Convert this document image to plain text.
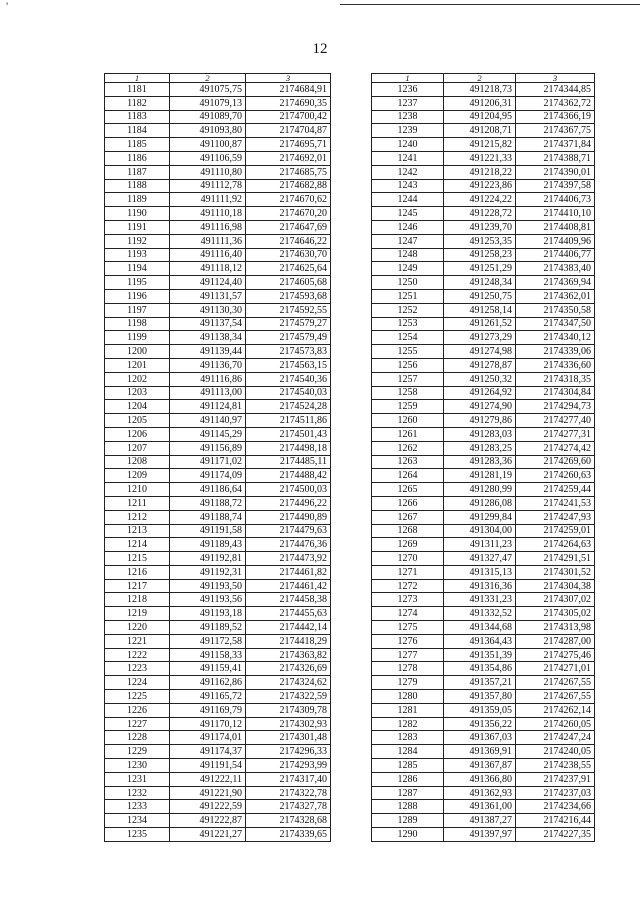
'
12
1	2	3
1181	491075,75	2174684,91
1182	491079,13	2174690,35
1183	491089,70	2174700,42
1184	491093,80	2174704,87
1185	491100,87	2174695,71
1186	491106,59	2174692,01
1187	491110,80	2174685,75
1188	491112,78	2174682,88
1189	491111,92	2174670,62
1190	491110,18	2174670,20
1191	491116,98	2174647,69
1192	491111,36	2174646,22
1193	491116,40	2174630,70
1194	491118,12	2174625,64
1195	491124,40	2174605,68
1196	491131,57	2174593,68
1197	491130,30	2174592,55
1198	491137,54	2174579,27
1199	491138,34	2174579,49
1200	491139,44	2174573,83
1201	491136,70	2174563,15
1202	491116,86	2174540,36
1203	491113,00	2174540,03
1204	491124,81	2174524,28
1205	491140,97	2174511,86
1206	491145,29	2174501,43
1207	491156,89	2174498,18
1208	491171,02	2174485,11
1209	491174,09	2174488,42
1210	491186,64	2174500,03
1211	491188,72	2174496,22
1212	491188,74	2174490,89
1213	491191,58	2174479,63
1214	491189,43	2174476,36
1215	491192,81	2174473,92
1216	491192,31	2174461,82
1217	491193,50	2174461,42
1218	491193,56	2174458,38
1219	491193,18	2174455,63
1220	491189,52	2174442,14
1221	491172,58	2174418,29
1222	491158,33	2174363,82
1223	491159,41	2174326,69
1224	491162,86	2174324,62
1225	491165,72	2174322,59
1226	491169,79	2174309,78
1227	491170,12	2174302,93
1228	491174,01	2174301,48
1229	491174,37	2174296,33
1230	491191,54	2174293,99
1231	491222,11	2174317,40
1232	491221,90	2174322,78
1233	491222,59	2174327,78
1234	491222,87	2174328,68
1235	491221,27	2174339,65
1	2	3
1236	491218,73	2174344,85
1237	491206,31	2174362,72
1238	491204,95	2174366,19
1239	491208,71	2174367,75
1240	491215,82	2174371,84
1241	491221,33	2174388,71
1242	491218,22	2174390,01
1243	491223,86	2174397,58
1244	491224,22	2174406,73
1245	491228,72	2174410,10
1246	491239,70	2174408,81
1247	491253,35	2174409,96
1248	491258,23	2174406,77
1249	491251,29	2174383,40
1250	491248,34	2174369,94
1251	491250,75	2174362,01
1252	491258,14	2174350,58
1253	491261,52	2174347,50
1254	491273,29	2174340,12
1255	491274,98	2174339,06
1256	491278,87	2174336,60
1257	491250,32	2174318,35
1258	491264,92	2174304,84
1259	491274,90	2174294,73
1260	491279,86	2174277,40
1261	491283,03	2174277,31
1262	491283,25	2174274,42
1263	491283,36	2174269,60
1264	491281,19	2174260,63
1265	491280,99	2174259,44
1266	491286,08	2174241,53
1267	491299,84	2174247,93
1268	491304,00	2174259,01
1269	491311,23	2174264,63
1270	491327,47	2174291,51
1271	491315,13	2174301,52
1272	491316,36	2174304,38
1273	491331,23	2174307,02
1274	491332,52	2174305,02
1275	491344,68	2174313,98
1276	491364,43	2174287,00
1277	491351,39	2174275,46
1278	491354,86	2174271,01
1279	491357,21	2174267,55
1280	491357,80	2174267,55
1281	491359,05	2174262,14
1282	491356,22	2174260,05
1283	491367,03	2174247,24
1284	491369,91	2174240,05
1285	491367,87	2174238,55
1286	491366,80	2174237,91
1287	491362,93	2174237,03
1288	491361,00	2174234,66
1289	491387,27	2174216,44
1290	491397,97	2174227,35
